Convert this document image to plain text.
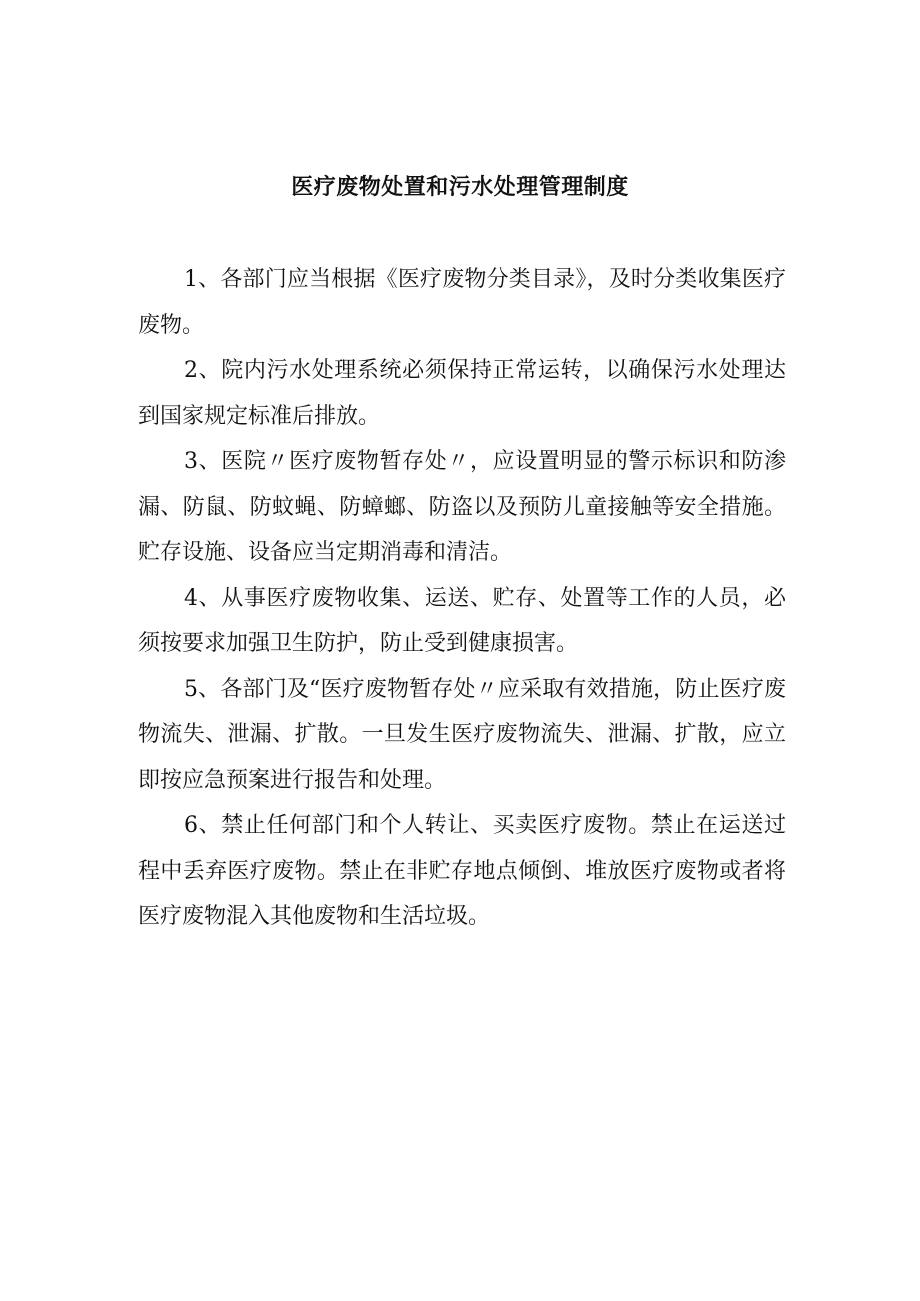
医疗废物处置和污水处理管理制度

1、各部门应当根据《医疗废物分类目录》，及时分类收集医疗废物。

2、院内污水处理系统必须保持正常运转，以确保污水处理达到国家规定标准后排放。

3、医院〃医疗废物暂存处〃，应设置明显的警示标识和防渗漏、防鼠、防蚊蝇、防蟑螂、防盗以及预防儿童接触等安全措施。贮存设施、设备应当定期消毒和清洁。

4、从事医疗废物收集、运送、贮存、处置等工作的人员，必须按要求加强卫生防护，防止受到健康损害。

5、各部门及“医疗废物暂存处〃应采取有效措施，防止医疗废物流失、泄漏、扩散。一旦发生医疗废物流失、泄漏、扩散，应立即按应急预案进行报告和处理。

6、禁止任何部门和个人转让、买卖医疗废物。禁止在运送过程中丢弃医疗废物。禁止在非贮存地点倾倒、堆放医疗废物或者将医疗废物混入其他废物和生活垃圾。
